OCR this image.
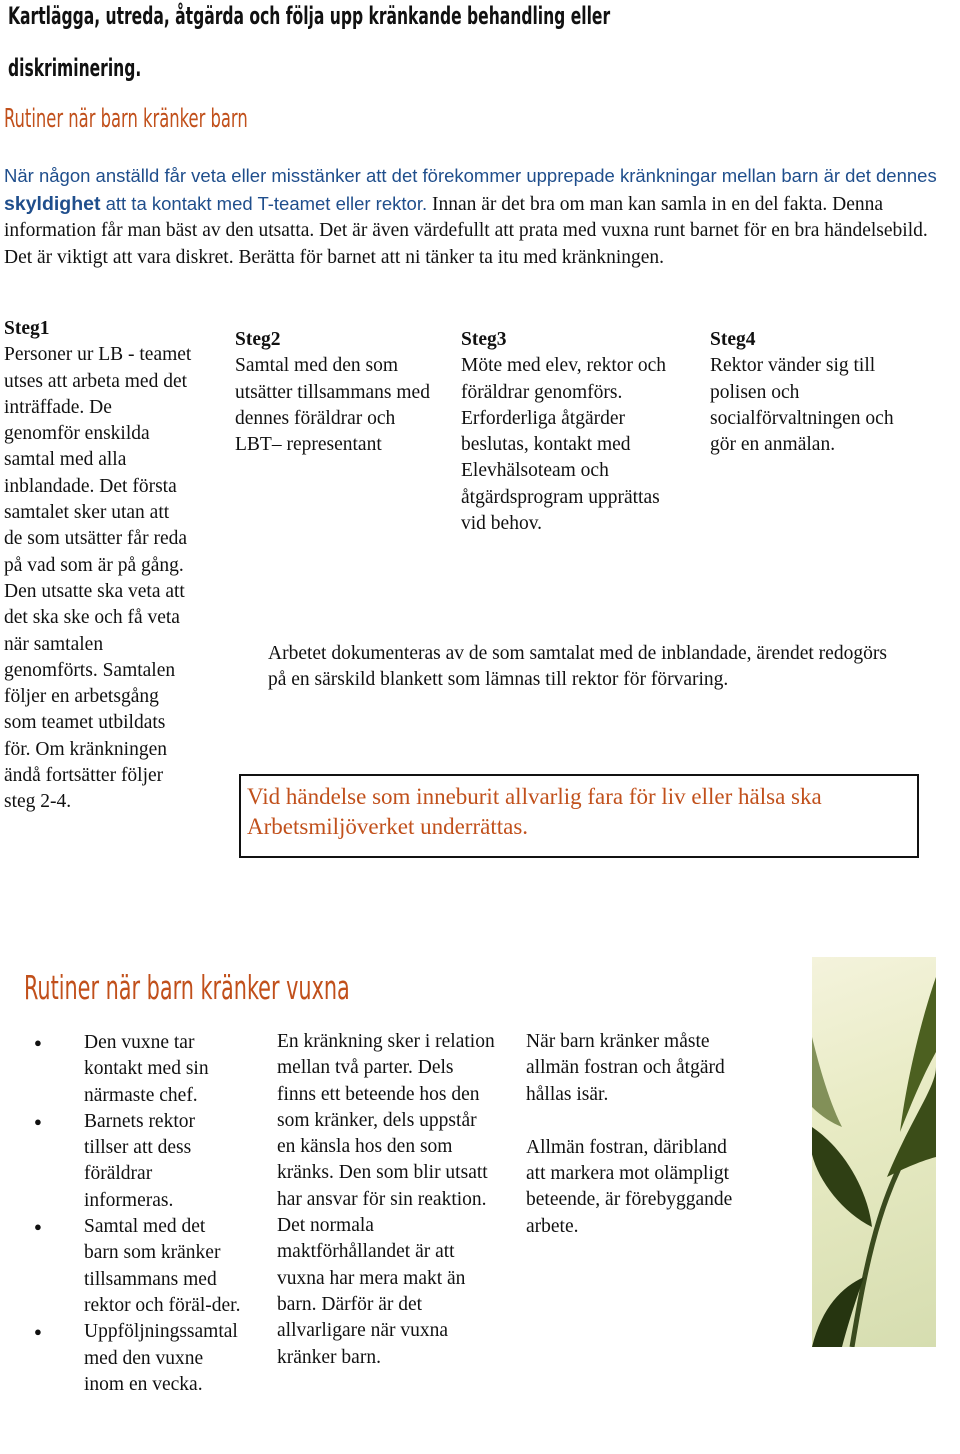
Kartlägga, utreda, åtgärda och följa upp kränkande behandling eller
diskriminering.
Rutiner när barn kränker barn
När någon anställd får veta eller misstänker att det förekommer upprepade kränkningar mellan barn är det dennes skyldighet att ta kontakt med T-teamet eller rektor. Innan är det bra om man kan samla in en del fakta. Denna information får man bäst av den utsatta. Det är även värdefullt att prata med vuxna runt barnet för en bra händelsebild. Det är viktigt att vara diskret. Berätta för barnet att ni tänker ta itu med kränkningen.
Steg1
Personer ur LB - teamet utses att arbeta med det inträffade. De genomför enskilda samtal med alla inblandade. Det första samtalet sker utan att de som utsätter får reda på vad som är på gång. Den utsatte ska veta att det ska ske och få veta när samtalen genomförts. Samtalen följer en arbetsgång som teamet utbildats för. Om kränkningen ändå fortsätter följer steg 2-4.
Steg2
Samtal med den som utsätter tillsammans med dennes föräldrar och LBT– representant
Steg3
Möte med elev, rektor och föräldrar genomförs. Erforderliga åtgärder beslutas, kontakt med Elevhälsoteam och åtgärdsprogram upprättas vid behov.
Steg4
Rektor vänder sig till polisen och socialförvaltningen och gör en anmälan.
Arbetet dokumenteras av de som samtalat med de inblandade, ärendet redogörs på en särskild blankett som lämnas till rektor för förvaring.
Vid händelse som inneburit allvarlig fara för liv eller hälsa ska Arbetsmiljöverket underrättas.
Rutiner när barn kränker vuxna
● Den vuxne tar kontakt med sin närmaste chef.
● Barnets rektor tillser att dess föräldrar informeras.
● Samtal med det barn som kränker tillsammans med rektor och föräl-der.
● Uppföljningssamtal med den vuxne inom en vecka.
En kränkning sker i relation mellan två parter. Dels finns ett beteende hos den som kränker, dels uppstår en känsla hos den som kränks. Den som blir utsatt har ansvar för sin reaktion. Det normala maktförhållandet är att vuxna har mera makt än barn. Därför är det allvarligare när vuxna kränker barn.
När barn kränker måste allmän fostran och åtgärd hållas isär.
Allmän fostran, däribland att markera mot olämpligt beteende, är förebyggande arbete.
